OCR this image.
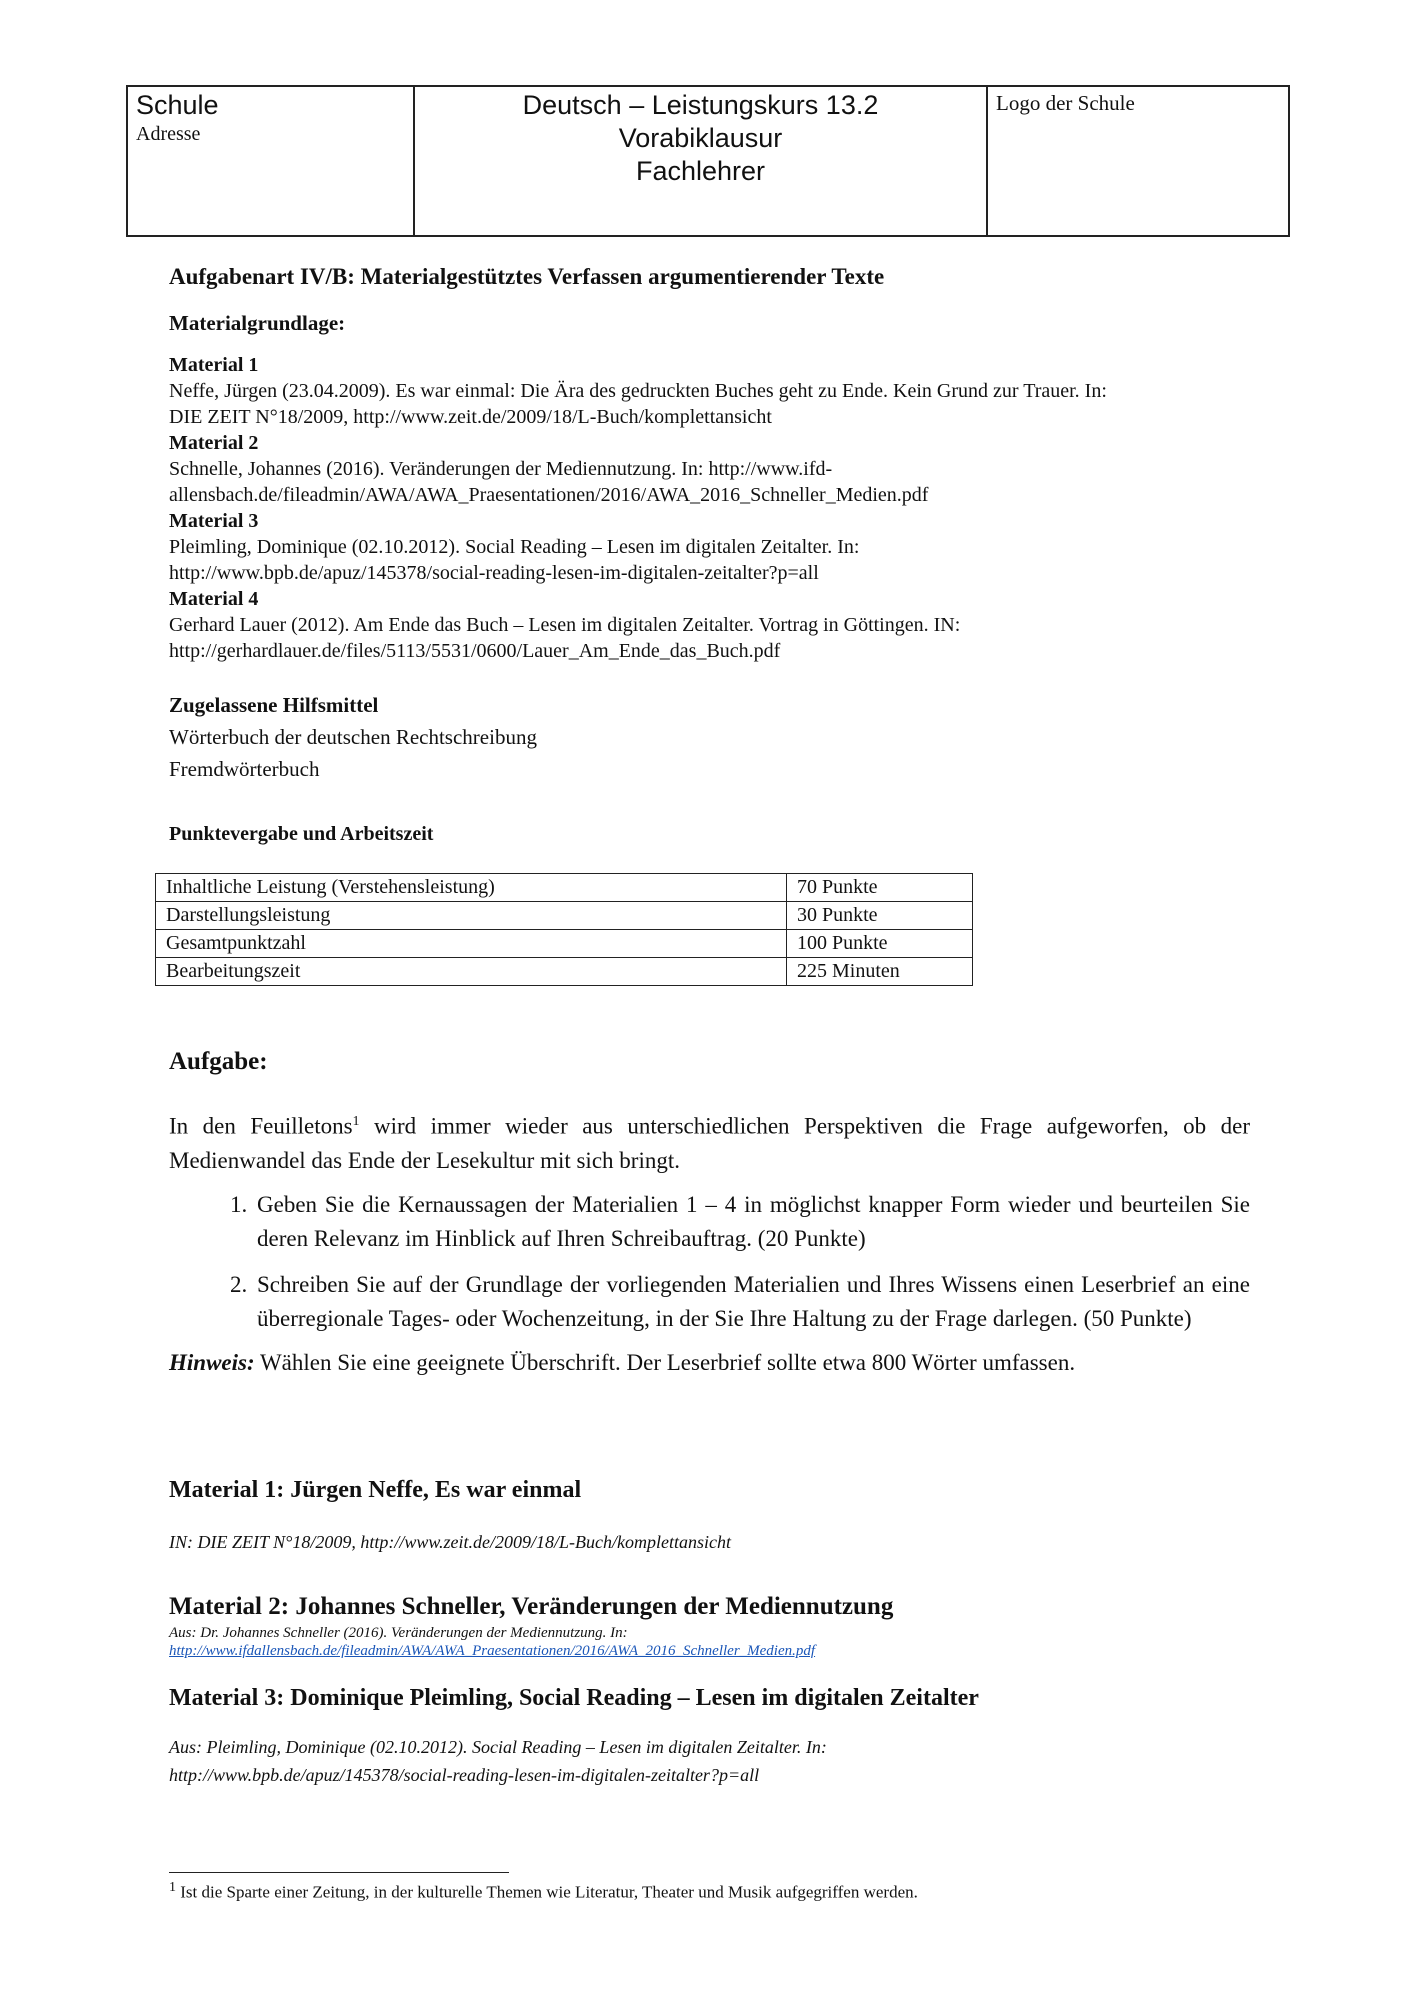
Schule
Adresse
Deutsch – Leistungskurs 13.2
Vorabiklausur
Fachlehrer
Logo der Schule
Aufgabenart IV/B: Materialgestütztes Verfassen argumentierender Texte
Materialgrundlage:
Material 1
Neffe, Jürgen (23.04.2009). Es war einmal: Die Ära des gedruckten Buches geht zu Ende. Kein Grund zur Trauer. In:
DIE ZEIT N°18/2009, http://www.zeit.de/2009/18/L-Buch/komplettansicht
Material 2
Schnelle, Johannes (2016). Veränderungen der Mediennutzung. In: http://www.ifd-
allensbach.de/fileadmin/AWA/AWA_Praesentationen/2016/AWA_2016_Schneller_Medien.pdf
Material 3
Pleimling, Dominique (02.10.2012). Social Reading – Lesen im digitalen Zeitalter. In:
http://www.bpb.de/apuz/145378/social-reading-lesen-im-digitalen-zeitalter?p=all
Material 4
Gerhard Lauer (2012). Am Ende das Buch – Lesen im digitalen Zeitalter. Vortrag in Göttingen. IN:
http://gerhardlauer.de/files/5113/5531/0600/Lauer_Am_Ende_das_Buch.pdf
Zugelassene Hilfsmittel
Wörterbuch der deutschen Rechtschreibung
Fremdwörterbuch
Punktevergabe und Arbeitszeit
Inhaltliche Leistung (Verstehensleistung)	70 Punkte
Darstellungsleistung	30 Punkte
Gesamtpunktzahl	100 Punkte
Bearbeitungszeit	225 Minuten
Aufgabe:
In den Feuilletons$^1$ wird immer wieder aus unterschiedlichen Perspektiven die Frage aufgeworfen, ob der Medienwandel das Ende der Lesekultur mit sich bringt.
1. Geben Sie die Kernaussagen der Materialien 1 – 4 in möglichst knapper Form wieder und beurteilen Sie deren Relevanz im Hinblick auf Ihren Schreibauftrag. (20 Punkte)
2. Schreiben Sie auf der Grundlage der vorliegenden Materialien und Ihres Wissens einen Leserbrief an eine überregionale Tages- oder Wochenzeitung, in der Sie Ihre Haltung zu der Frage darlegen. (50 Punkte)
Hinweis: Wählen Sie eine geeignete Überschrift. Der Leserbrief sollte etwa 800 Wörter umfassen.
Material 1: Jürgen Neffe, Es war einmal
IN: DIE ZEIT N°18/2009, http://www.zeit.de/2009/18/L-Buch/komplettansicht
Material 2: Johannes Schneller, Veränderungen der Mediennutzung
Aus: Dr. Johannes Schneller (2016). Veränderungen der Mediennutzung. In:
http://www.ifdallensbach.de/fileadmin/AWA/AWA_Praesentationen/2016/AWA_2016_Schneller_Medien.pdf
Material 3: Dominique Pleimling, Social Reading – Lesen im digitalen Zeitalter
Aus: Pleimling, Dominique (02.10.2012). Social Reading – Lesen im digitalen Zeitalter. In:
http://www.bpb.de/apuz/145378/social-reading-lesen-im-digitalen-zeitalter?p=all
$^1$ Ist die Sparte einer Zeitung, in der kulturelle Themen wie Literatur, Theater und Musik aufgegriffen werden.
